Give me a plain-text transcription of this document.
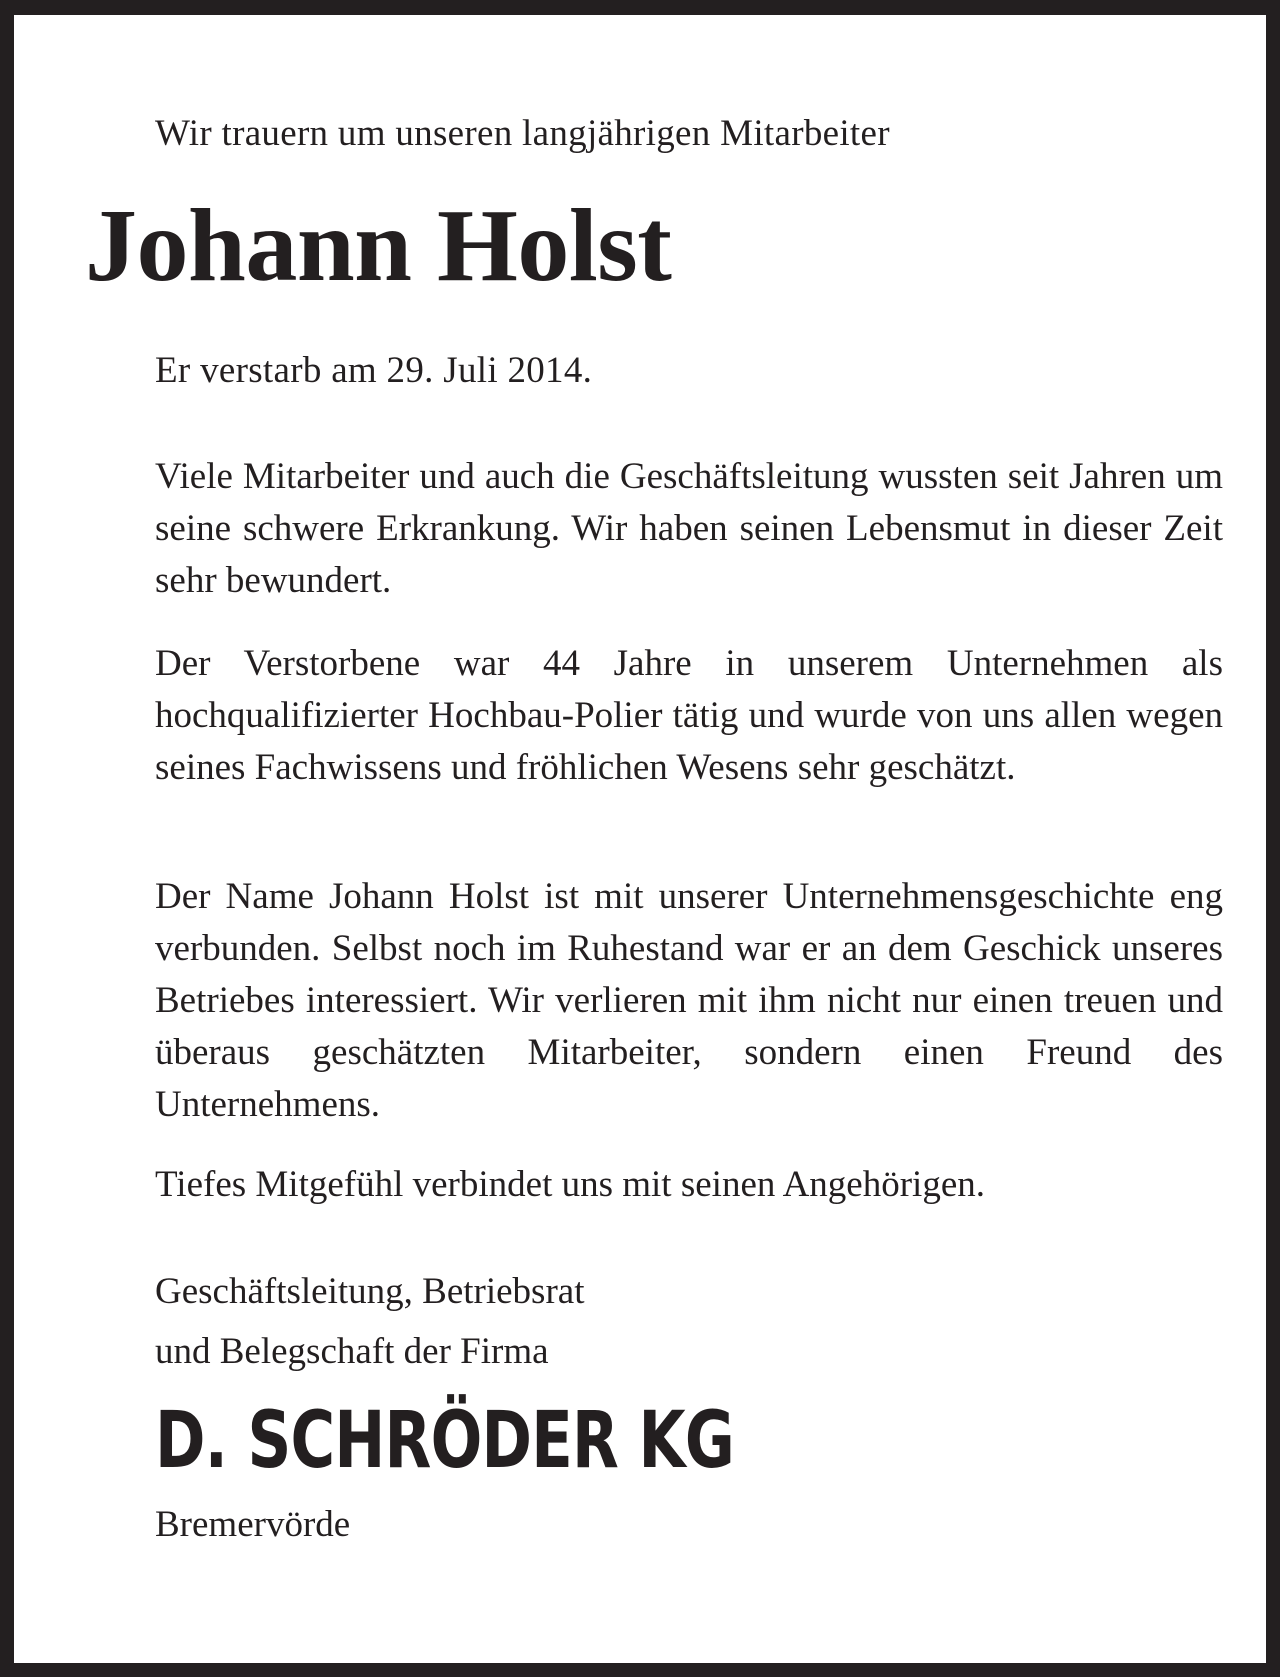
Wir trauern um unseren langjährigen Mitarbeiter

Johann Holst

Er verstarb am 29. Juli 2014.

Viele Mitarbeiter und auch die Geschäftsleitung wussten seit Jahren um seine schwere Erkrankung. Wir haben seinen Lebensmut in dieser Zeit sehr bewundert.

Der Verstorbene war 44 Jahre in unserem Unternehmen als hochqualifizierter Hochbau-Polier tätig und wurde von uns allen wegen seines Fachwissens und fröhlichen Wesens sehr geschätzt.

Der Name Johann Holst ist mit unserer Unternehmensgeschichte eng verbunden. Selbst noch im Ruhestand war er an dem Geschick unseres Betriebes interessiert. Wir verlieren mit ihm nicht nur einen treuen und überaus geschätzten Mitarbeiter, sondern einen Freund des Unternehmens.

Tiefes Mitgefühl verbindet uns mit seinen Angehörigen.

Geschäftsleitung, Betriebsrat

und Belegschaft der Firma

D. SCHRÖDER KG

Bremervörde
